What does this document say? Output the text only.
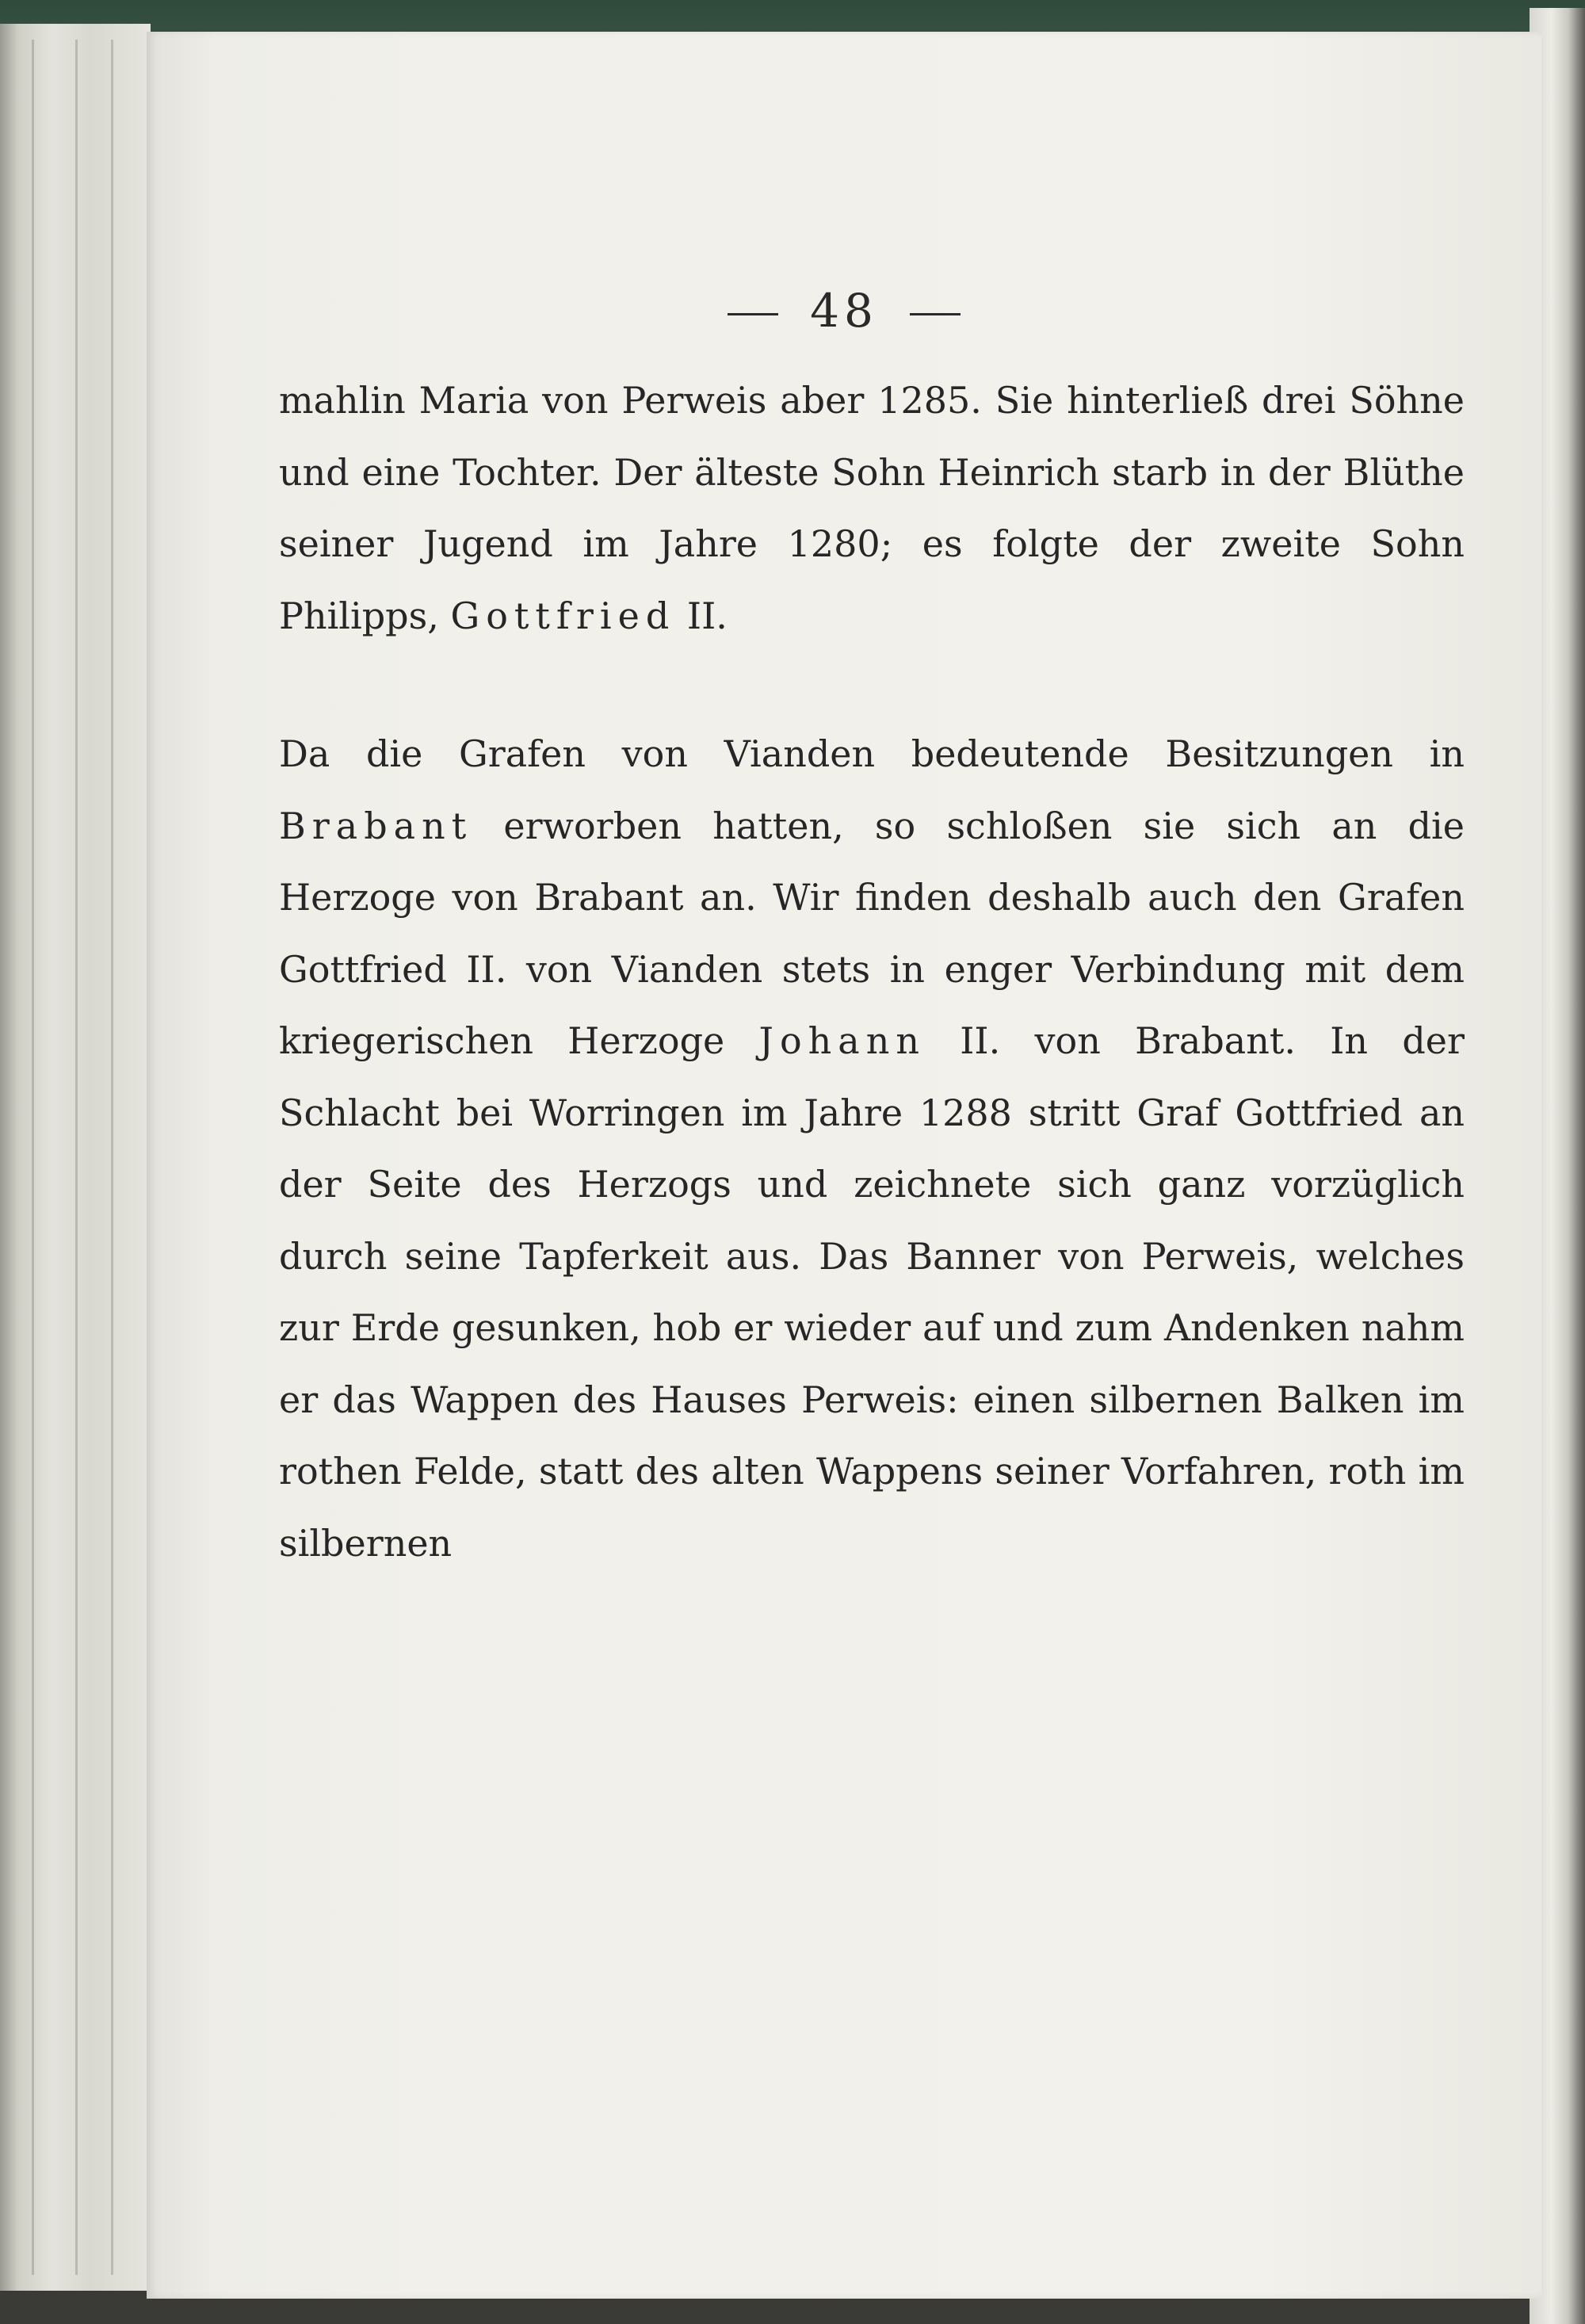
48

mahlin Maria von Perweis aber 1285. Sie hinterließ drei Söhne und eine Tochter. Der älteste Sohn Heinrich starb in der Blüthe seiner Jugend im Jahre 1280; es folgte der zweite Sohn Philipps, Gottfried II.

Da die Grafen von Vianden bedeutende Besitzungen in Brabant erworben hatten, so schloßen sie sich an die Herzoge von Brabant an. Wir finden deshalb auch den Grafen Gottfried II. von Vianden stets in enger Verbindung mit dem kriegerischen Herzoge Johann II. von Brabant. In der Schlacht bei Worringen im Jahre 1288 stritt Graf Gottfried an der Seite des Herzogs und zeichnete sich ganz vorzüglich durch seine Tapferkeit aus. Das Banner von Perweis, welches zur Erde gesunken, hob er wieder auf und zum Andenken nahm er das Wappen des Hauses Perweis: einen silbernen Balken im rothen Felde, statt des alten Wappens seiner Vorfahren, roth im silbernen
